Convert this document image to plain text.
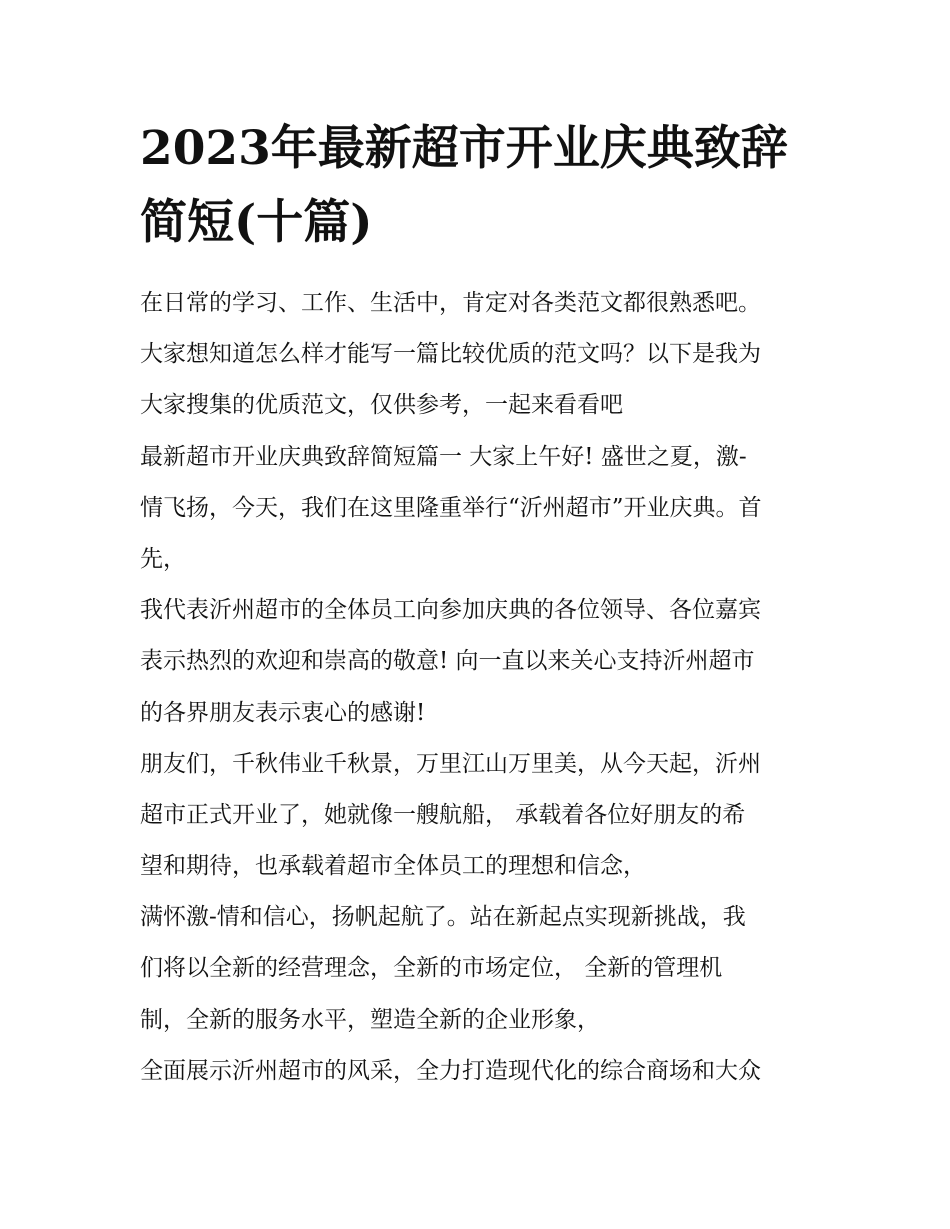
2023年最新超市开业庆典致辞
简短(十篇)
在日常的学习、工作、生活中，肯定对各类范文都很熟悉吧。
大家想知道怎么样才能写一篇比较优质的范文吗？以下是我为
大家搜集的优质范文，仅供参考，一起来看看吧
最新超市开业庆典致辞简短篇一 大家上午好! 盛世之夏，激-
情飞扬，今天，我们在这里隆重举行“沂州超市”开业庆典。首
先，
我代表沂州超市的全体员工向参加庆典的各位领导、各位嘉宾
表示热烈的欢迎和崇高的敬意! 向一直以来关心支持沂州超市
的各界朋友表示衷心的感谢!
朋友们，千秋伟业千秋景，万里江山万里美，从今天起，沂州
超市正式开业了，她就像一艘航船， 承载着各位好朋友的希
望和期待，也承载着超市全体员工的理想和信念，
满怀激-情和信心，扬帆起航了。站在新起点实现新挑战，我
们将以全新的经营理念，全新的市场定位， 全新的管理机
制，全新的服务水平，塑造全新的企业形象，
全面展示沂州超市的风采，全力打造现代化的综合商场和大众
